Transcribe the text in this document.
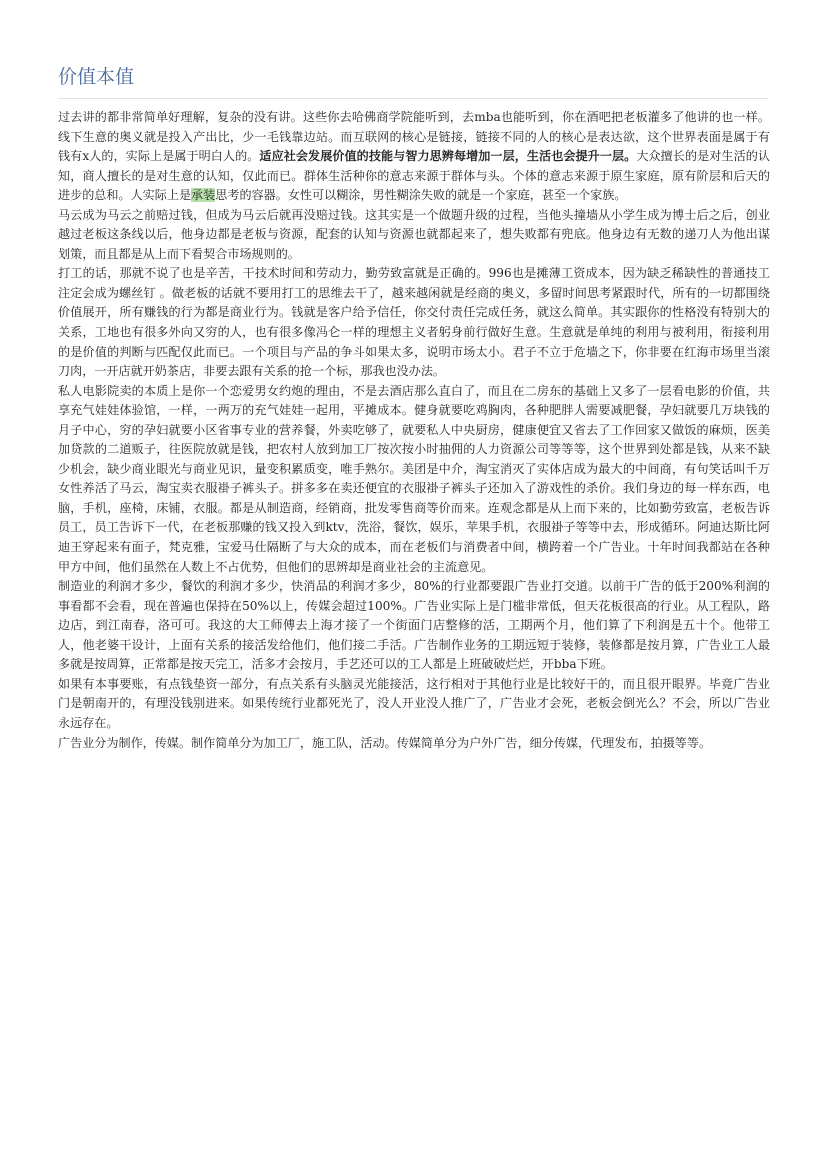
价值本值

过去讲的都非常简单好理解，复杂的没有讲。这些你去哈佛商学院能听到，去mba也能听到，你在酒吧把老板灌多了他讲的也一样。线下生意的奥义就是投入产出比，少一毛钱靠边站。而互联网的核心是链接，链接不同的人的核心是表达欲，这个世界表面是属于有钱有x人的，实际上是属于明白人的。适应社会发展价值的技能与智力思辨每增加一层，生活也会提升一层。大众擅长的是对生活的认知，商人擅长的是对生意的认知，仅此而已。群体生活种你的意志来源于群体与头。个体的意志来源于原生家庭，原有阶层和后天的进步的总和。人实际上是承装思考的容器。女性可以糊涂，男性糊涂失败的就是一个家庭，甚至一个家族。

马云成为马云之前赔过钱，但成为马云后就再没赔过钱。这其实是一个做题升级的过程，当他头撞墙从小学生成为博士后之后，创业越过老板这条线以后，他身边都是老板与资源，配套的认知与资源也就都起来了，想失败都有兜底。他身边有无数的递刀人为他出谋划策，而且都是从上而下看契合市场规则的。

打工的话，那就不说了也是辛苦，干技术时间和劳动力，勤劳致富就是正确的。996也是摊薄工资成本，因为缺乏稀缺性的普通技工注定会成为螺丝钉 。做老板的话就不要用打工的思维去干了，越来越闲就是经商的奥义，多留时间思考紧跟时代，所有的一切都围绕价值展开，所有赚钱的行为都是商业行为。钱就是客户给予信任，你交付责任完成任务，就这么简单。其实跟你的性格没有特别大的关系，工地也有很多外向又穷的人，也有很多像冯仑一样的理想主义者躬身前行做好生意。生意就是单纯的利用与被利用，衔接利用的是价值的判断与匹配仅此而已。一个项目与产品的争斗如果太多，说明市场太小。君子不立于危墙之下，你非要在红海市场里当滚刀肉，一开店就开奶茶店，非要去跟有关系的抢一个标，那我也没办法。

私人电影院卖的本质上是你一个恋爱男女约炮的理由，不是去酒店那么直白了，而且在二房东的基础上又多了一层看电影的价值，共享充气娃娃体验馆，一样，一两万的充气娃娃一起用，平摊成本。健身就要吃鸡胸肉，各种肥胖人需要减肥餐，孕妇就要几万块钱的月子中心，穷的孕妇就要小区省事专业的营养餐，外卖吃够了，就要私人中央厨房，健康便宜又省去了工作回家又做饭的麻烦，医美加贷款的二道贩子，往医院放就是钱，把农村人放到加工厂按次按小时抽佣的人力资源公司等等等，这个世界到处都是钱，从来不缺少机会，缺少商业眼光与商业见识，量变积累质变，唯手熟尔。美团是中介，淘宝消灭了实体店成为最大的中间商，有句笑话叫千万女性养活了马云，淘宝卖衣服褂子裤头子。拼多多在卖还便宜的衣服褂子裤头子还加入了游戏性的杀价。我们身边的每一样东西，电脑，手机，座椅，床铺，衣服。都是从制造商，经销商，批发零售商等价而来。连观念都是从上而下来的，比如勤劳致富，老板告诉员工，员工告诉下一代，在老板那赚的钱又投入到ktv，洗浴，餐饮，娱乐，苹果手机，衣服褂子等等中去，形成循环。阿迪达斯比阿迪王穿起来有面子，梵克雅，宝爱马仕隔断了与大众的成本，而在老板们与消费者中间，横跨着一个广告业。十年时间我都站在各种甲方中间，他们虽然在人数上不占优势，但他们的思辨却是商业社会的主流意见。

制造业的利润才多少，餐饮的利润才多少，快消品的利润才多少，80%的行业都要跟广告业打交道。以前干广告的低于200%利润的事看都不会看，现在普遍也保持在50%以上，传媒会超过100%。广告业实际上是门槛非常低，但天花板很高的行业。从工程队，路边店，到江南春，洛可可。我这的大工师傅去上海才接了一个街面门店整修的活，工期两个月，他们算了下利润是五十个。他带工人，他老婆干设计，上面有关系的接活发给他们，他们接二手活。广告制作业务的工期远短于装修，装修都是按月算，广告业工人最多就是按周算，正常都是按天完工，活多才会按月，手艺还可以的工人都是上班破破烂烂，开bba下班。

如果有本事要账，有点钱垫资一部分，有点关系有头脑灵光能接活，这行相对于其他行业是比较好干的，而且很开眼界。毕竟广告业门是朝南开的，有理没钱别进来。如果传统行业都死光了，没人开业没人推广了，广告业才会死，老板会倒光么？不会，所以广告业永远存在。

广告业分为制作，传媒。制作简单分为加工厂，施工队，活动。传媒简单分为户外广告，细分传媒，代理发布，拍摄等等。
